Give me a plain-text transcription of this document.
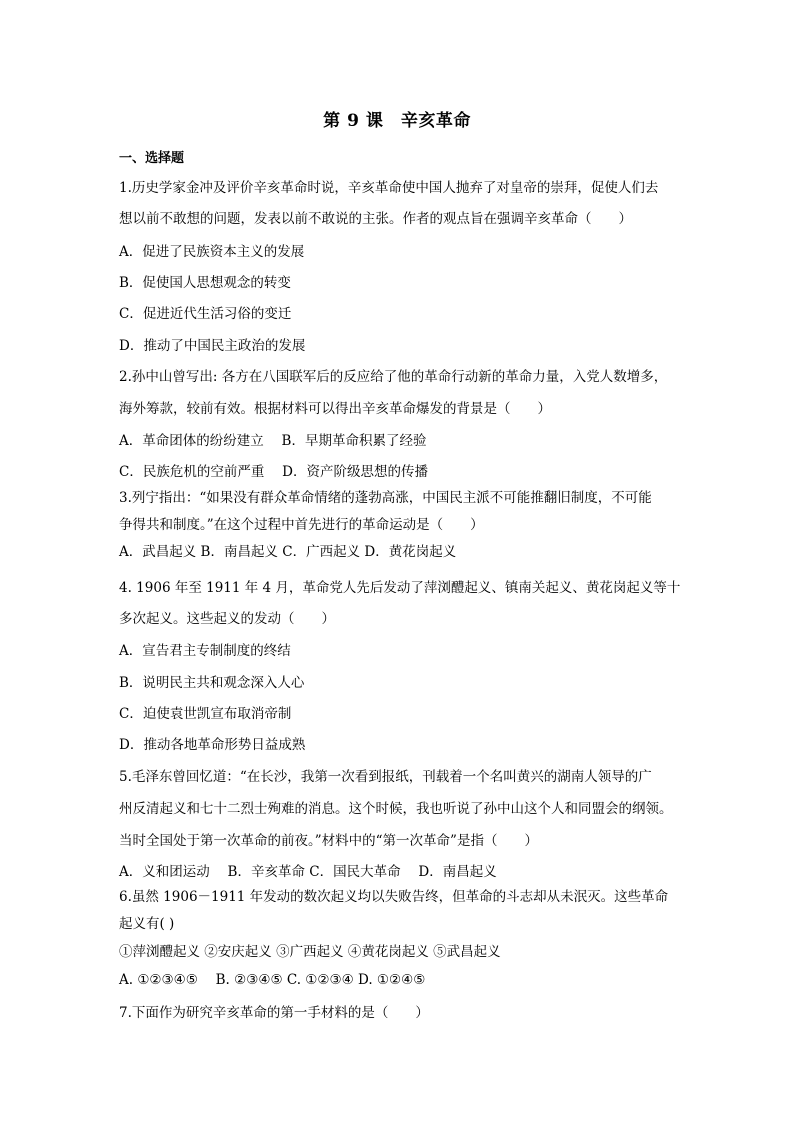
第 9 课　辛亥革命
一、选择题
1.历史学家金冲及评价辛亥革命时说，辛亥革命使中国人抛弃了对皇帝的崇拜，促使人们去
想以前不敢想的问题，发表以前不敢说的主张。作者的观点旨在强调辛亥革命（　　）
A．促进了民族资本主义的发展
B．促使国人思想观念的转变
C．促进近代生活习俗的变迁
D．推动了中国民主政治的发展
2.孙中山曾写出: 各方在八国联军后的反应给了他的革命行动新的革命力量，入党人数增多，
海外筹款，较前有效。根据材料可以得出辛亥革命爆发的背景是（　　）
A．革命团体的纷纷建立　 B．早期革命积累了经验
C．民族危机的空前严重　 D．资产阶级思想的传播
3.列宁指出：“如果没有群众革命情绪的蓬勃高涨，中国民主派不可能推翻旧制度，不可能
争得共和制度。”在这个过程中首先进行的革命运动是（　　）
A．武昌起义 B．南昌起义 C．广西起义 D．黄花岗起义
4. 1906 年至 1911 年 4 月，革命党人先后发动了萍浏醴起义、镇南关起义、黄花岗起义等十
多次起义。这些起义的发动（　　）
A．宣告君主专制制度的终结
B．说明民主共和观念深入人心
C．迫使袁世凯宣布取消帝制
D．推动各地革命形势日益成熟
5.毛泽东曾回忆道：“在长沙，我第一次看到报纸，刊载着一个名叫黄兴的湖南人领导的广
州反清起义和七十二烈士殉难的消息。这个时候，我也听说了孙中山这个人和同盟会的纲领。
当时全国处于第一次革命的前夜。”材料中的“第一次革命”是指（　　）
A．义和团运动　 B．辛亥革命 C．国民大革命　 D．南昌起义
6.虽然 1906－1911 年发动的数次起义均以失败告终，但革命的斗志却从未泯灭。这些革命
起义有( )
①萍浏醴起义 ②安庆起义 ③广西起义 ④黄花岗起义 ⑤武昌起义
A. ①②③④⑤　 B. ②③④⑤ C. ①②③④ D. ①②④⑤
7.下面作为研究辛亥革命的第一手材料的是（　　）
